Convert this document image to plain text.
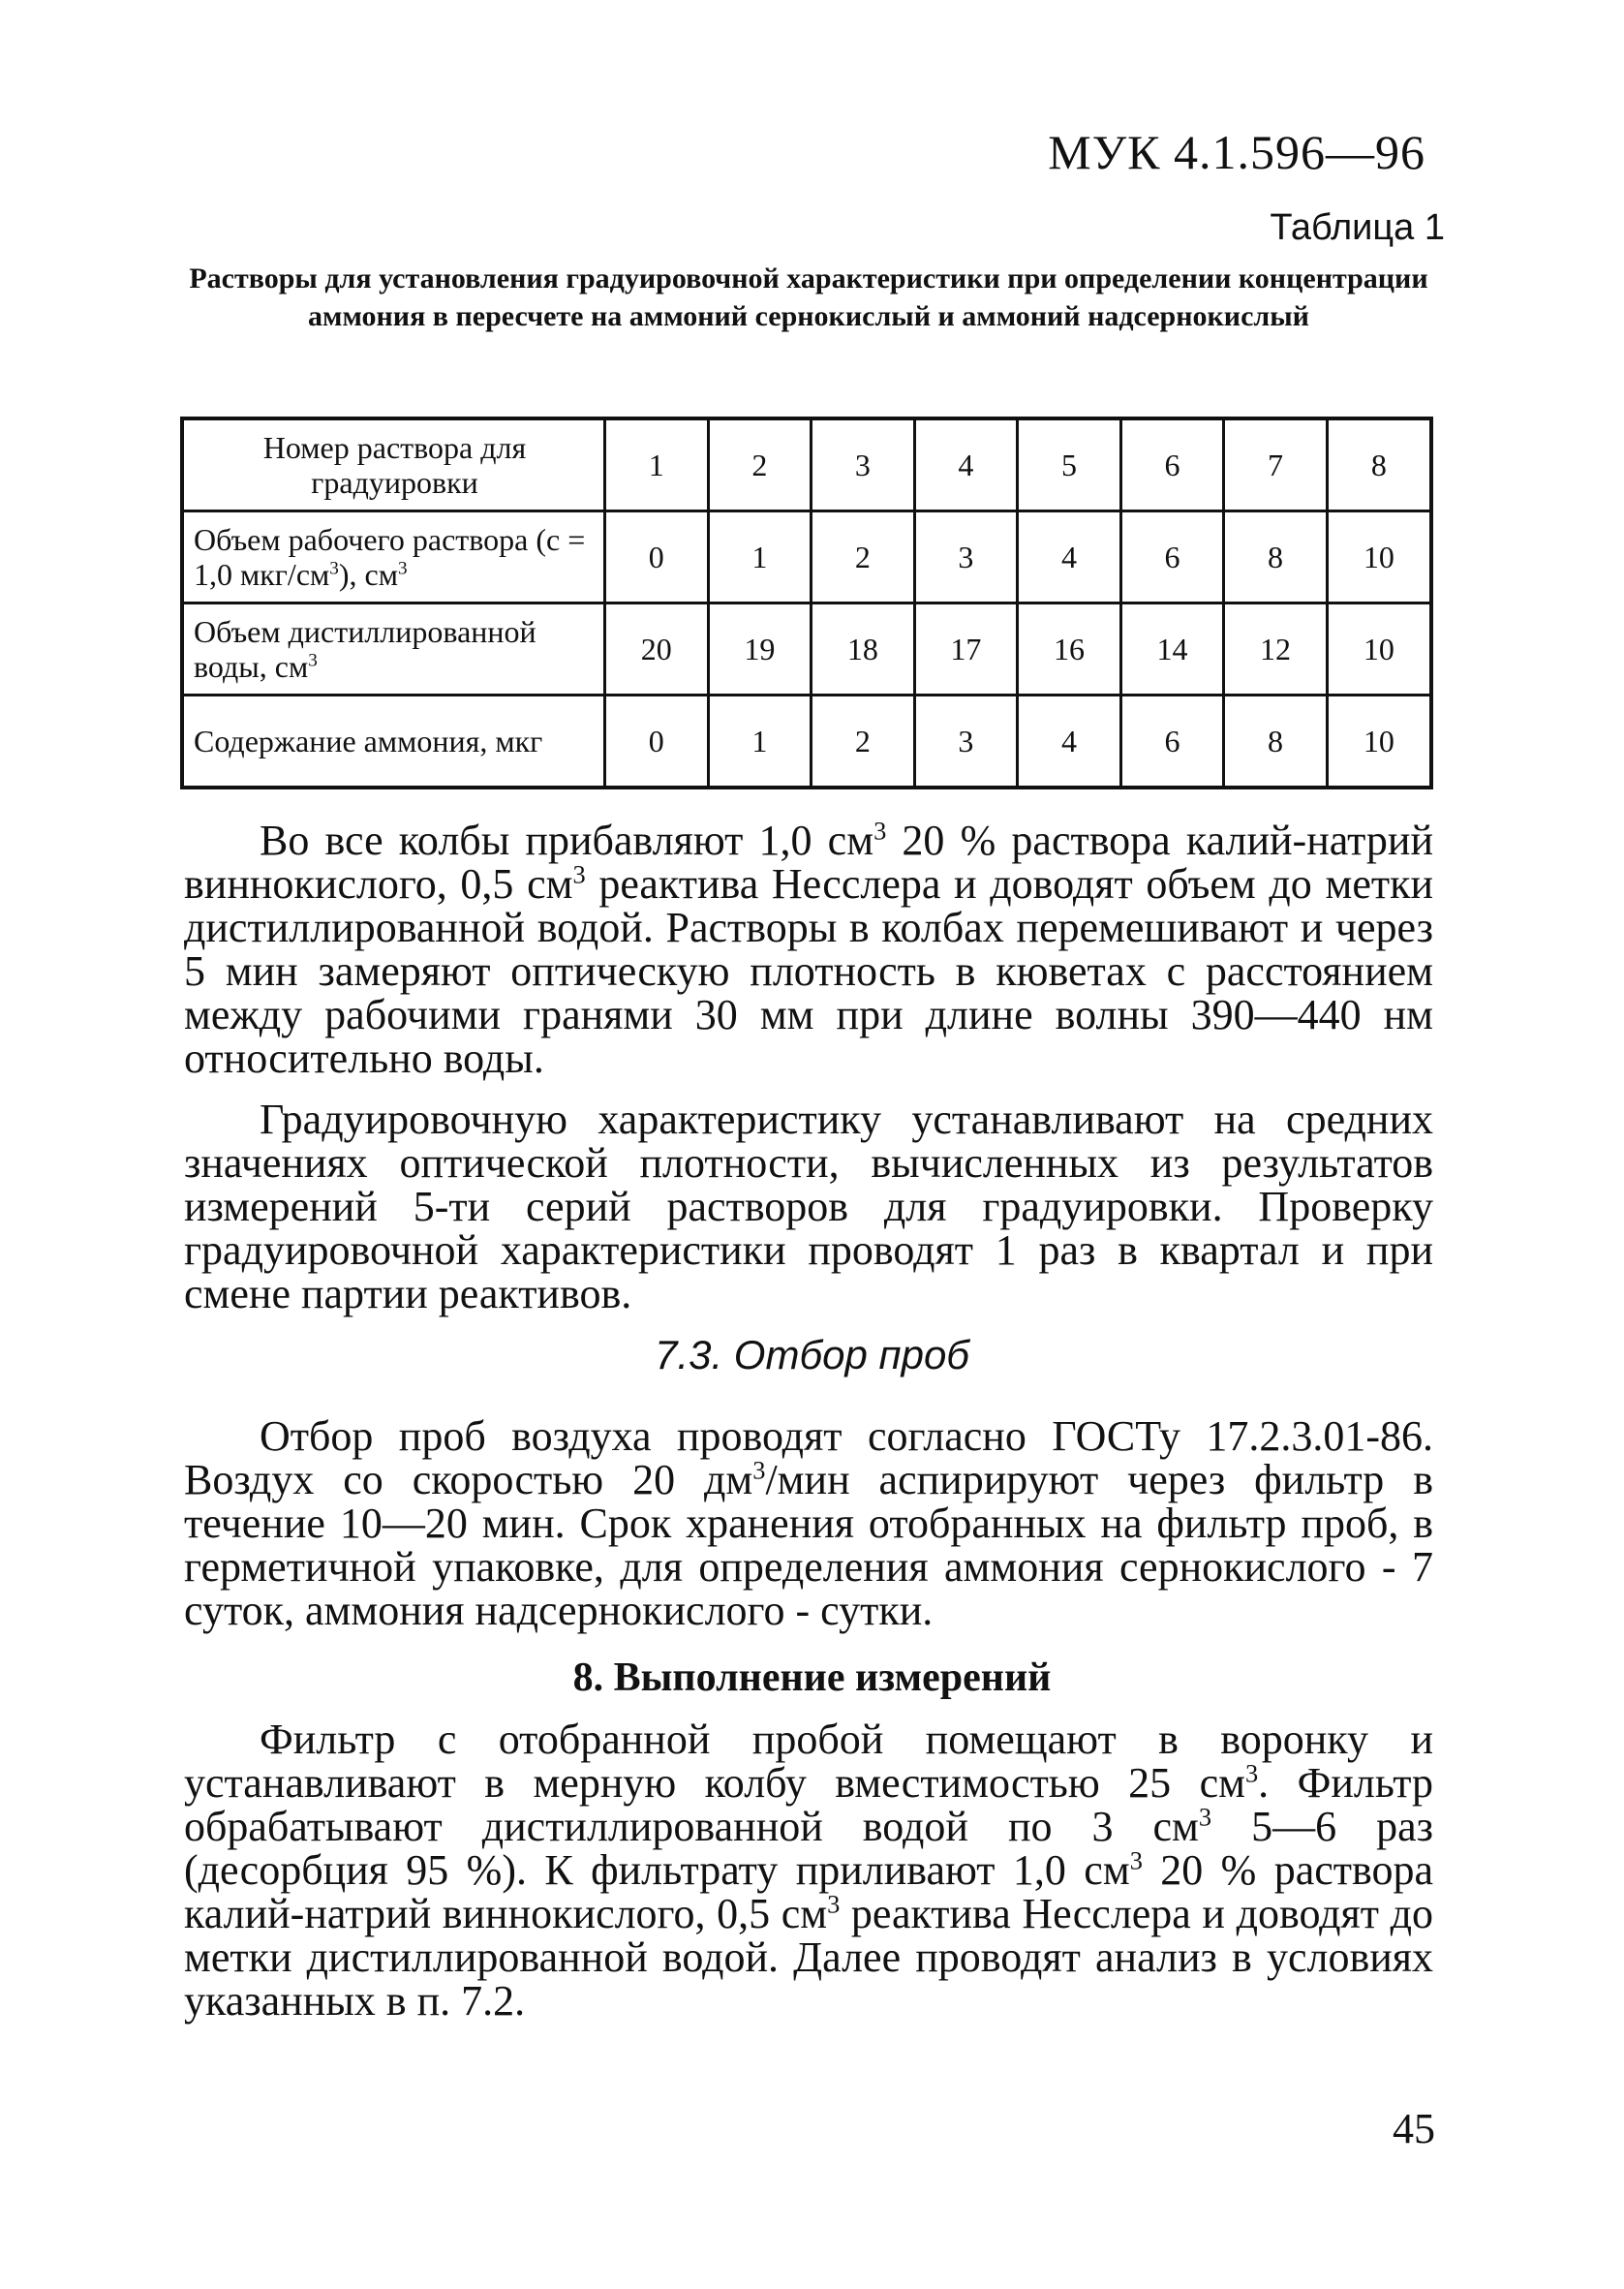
МУК 4.1.596—96
Таблица 1
Растворы для установления градуировочной характеристики при определении концентрации аммония в пересчете на аммоний сернокислый и аммоний надсернокислый
Номер раствора для градуировки	1	2	3	4	5	6	7	8
Объем рабочего раствора (с = 1,0 мкг/$см^3$), $см^3$	0	1	2	3	4	6	8	10
Объем дистиллированной воды, $см^3$	20	19	18	17	16	14	12	10
Содержание аммония, мкг	0	1	2	3	4	6	8	10

Во все колбы прибавляют 1,0 $см^3$ 20 % раствора калий-натрий виннокислого, 0,5 $см^3$ реактива Несслера и доводят объем до метки дистиллированной водой. Растворы в колбах перемешивают и через 5 мин замеряют оптическую плотность в кюветах с расстоянием между рабочими гранями 30 мм при длине волны 390—440 нм относительно воды.

Градуировочную характеристику устанавливают на средних значениях оптической плотности, вычисленных из результатов измерений 5-ти серий растворов для градуировки. Проверку градуировочной характеристики проводят 1 раз в квартал и при смене партии реактивов.

7.3. Отбор проб

Отбор проб воздуха проводят согласно ГОСТу 17.2.3.01-86. Воздух со скоростью 20 $дм^3$/мин аспирируют через фильтр в течение 10—20 мин. Срок хранения отобранных на фильтр проб, в герметичной упаковке, для определения аммония сернокислого - 7 суток, аммония надсернокислого - сутки.

8. Выполнение измерений

Фильтр с отобранной пробой помещают в воронку и устанавливают в мерную колбу вместимостью 25 $см^3$. Фильтр обрабатывают дистиллированной водой по 3 $см^3$ 5—6 раз (десорбция 95 %). К фильтрату приливают 1,0 $см^3$ 20 % раствора калий-натрий виннокислого, 0,5 $см^3$ реактива Несслера и доводят до метки дистиллированной водой. Далее проводят анализ в условиях указанных в п. 7.2.

45
